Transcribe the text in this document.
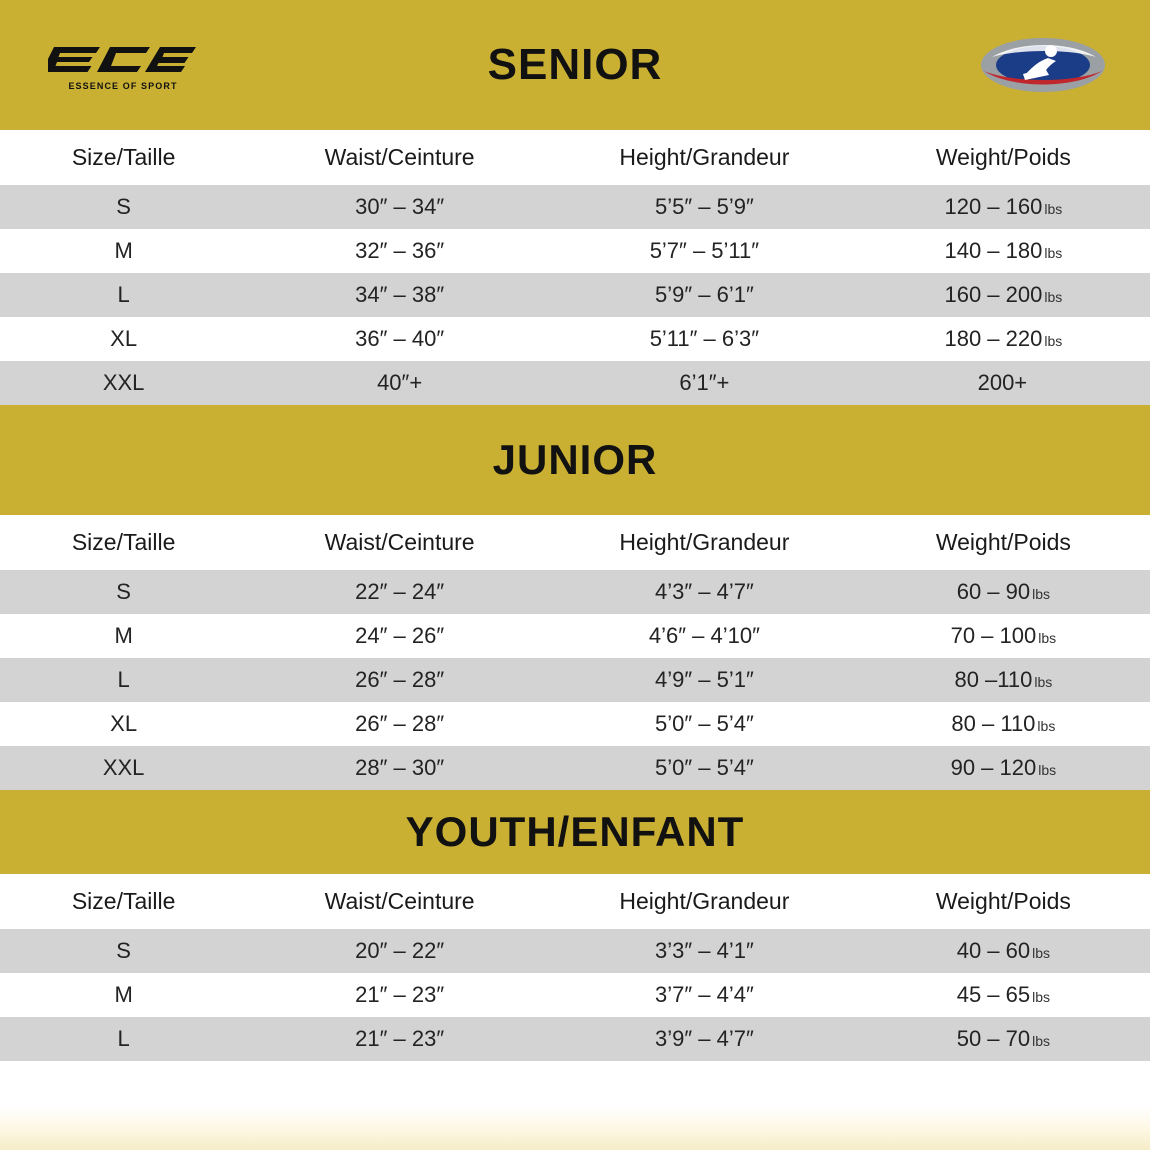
ESSENCE OF SPORT	SENIOR
Size/Taille	Waist/Ceinture	Height/Grandeur	Weight/Poids
S	30″ – 34″	5’5″ – 5’9″	120 – 160 lbs
M	32″ – 36″	5’7″ – 5’11″	140 – 180 lbs
L	34″ – 38″	5’9″ – 6’1″	160 – 200 lbs
XL	36″ – 40″	5’11″ – 6’3″	180 – 220 lbs
XXL	40″+	6’1″+	200+
JUNIOR
Size/Taille	Waist/Ceinture	Height/Grandeur	Weight/Poids
S	22″ – 24″	4’3″ – 4’7″	60 – 90 lbs
M	24″ – 26″	4’6″ – 4’10″	70 – 100 lbs
L	26″ – 28″	4’9″ – 5’1″	80 –110 lbs
XL	26″ – 28″	5’0″ – 5’4″	80 – 110 lbs
XXL	28″ – 30″	5’0″ – 5’4″	90 – 120 lbs
YOUTH/ENFANT
Size/Taille	Waist/Ceinture	Height/Grandeur	Weight/Poids
S	20″ – 22″	3’3″ – 4’1″	40 – 60 lbs
M	21″ – 23″	3’7″ – 4’4″	45 – 65 lbs
L	21″ – 23″	3’9″ – 4’7″	50 – 70 lbs
